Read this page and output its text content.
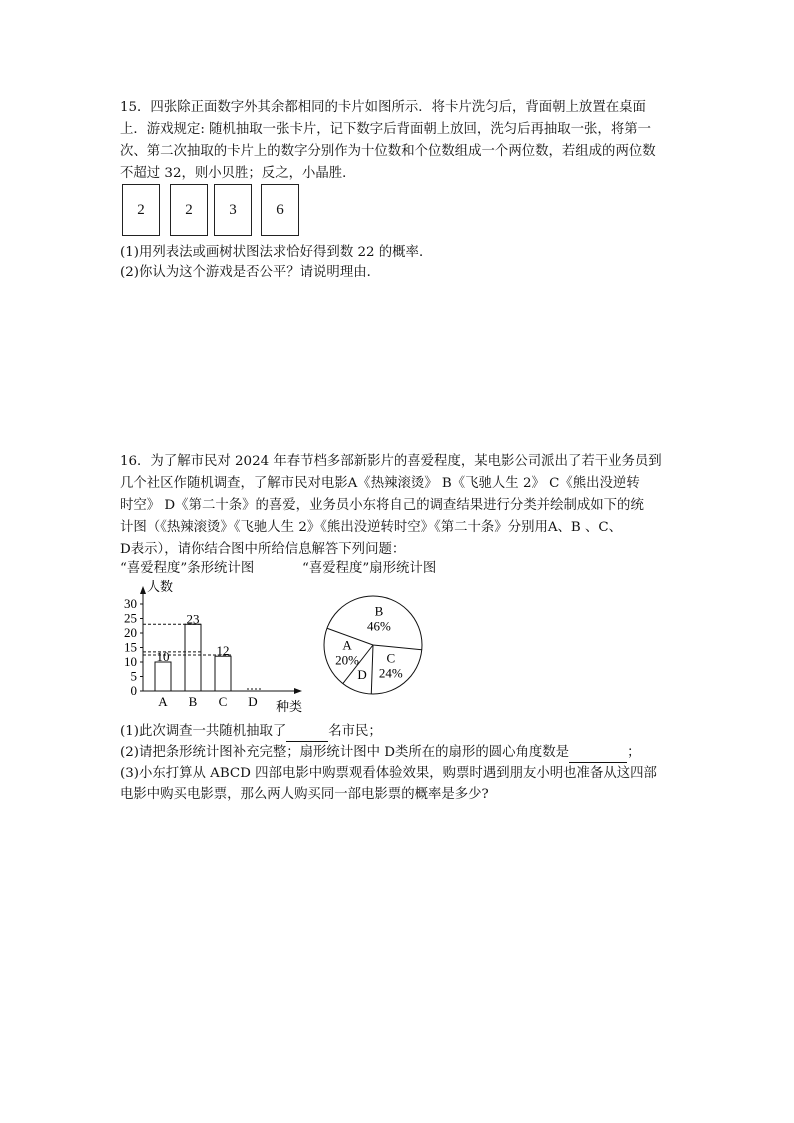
15．四张除正面数字外其余都相同的卡片如图所示．将卡片洗匀后，背面朝上放置在桌面
上．游戏规定: 随机抽取一张卡片，记下数字后背面朝上放回，洗匀后再抽取一张，将第一
次、第二次抽取的卡片上的数字分别作为十位数和个位数组成一个两位数，若组成的两位数
不超过 32，则小贝胜；反之，小晶胜．

2	2	3	6
(1)用列表法或画树状图法求恰好得到数 22 的概率．
(2)你认为这个游戏是否公平？请说明理由．

16．为了解市民对 2024 年春节档多部新影片的喜爱程度，某电影公司派出了若干业务员到
几个社区作随机调查，了解市民对电影A《热辣滚烫》 B《飞驰人生 2》 C《熊出没逆转
时空》 D《第二十条》的喜爱，业务员小东将自己的调查结果进行分类并绘制成如下的统
计图（《热辣滚烫》《飞驰人生 2》《熊出没逆转时空》《第二十条》分别用A、B 、C、
D表示），请你结合图中所给信息解答下列问题：

“喜爱程度”条形统计图	“喜爱程度”扇形统计图
人数
种类
0
5
10
15
20
25
30
A
10
B
23
C
12
D
B
46%
C
24%
D
A
20%
(1)此次调查一共随机抽取了	名市民；
(2)请把条形统计图补充完整；扇形统计图中 D类所在的扇形的圆心角度数是	；
(3)小东打算从 ABCD 四部电影中购票观看体验效果，购票时遇到朋友小明也准备从这四部
电影中购买电影票，那么两人购买同一部电影票的概率是多少?
